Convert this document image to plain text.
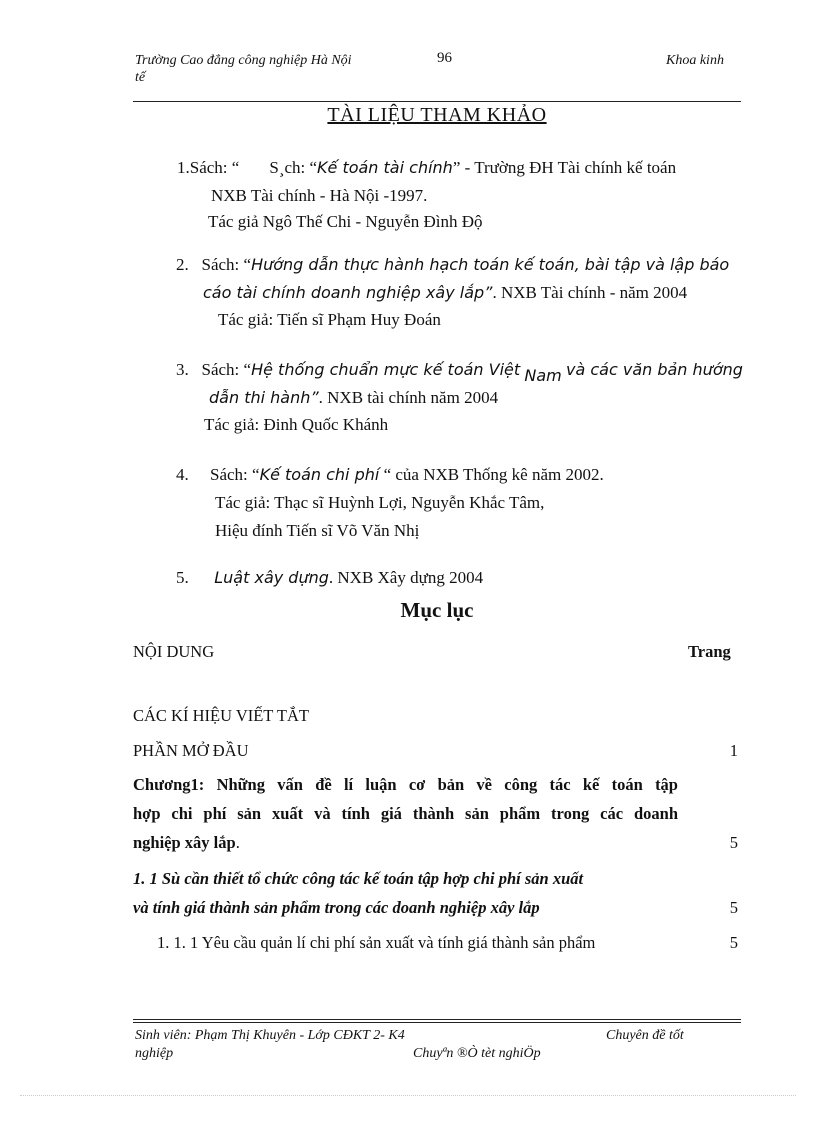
Trường Cao đẳng công nghiệp Hà Nội
tế
96	Khoa kinh
TÀI LIỆU THAM KHẢO
1.Sách: “ S¸ch: “Kế toán tài chính” - Trường ĐH Tài chính kế toán
NXB Tài chính - Hà Nội -1997.
Tác giả Ngô Thế Chi - Nguyễn Đình Độ
2. Sách: “Hướng dẫn thực hành hạch toán kế toán, bài tập và lập báo
cáo tài chính doanh nghiệp xây lắp”. NXB Tài chính - năm 2004
Tác giả: Tiến sĩ Phạm Huy Đoán
3. Sách: “Hệ thống chuẩn mực kế toán Việt Nam và các văn bản hướng
dẫn thi hành”. NXB tài chính năm 2004
Tác giả: Đinh Quốc Khánh
4. Sách: “Kế toán chi phí “ của NXB Thống kê năm 2002.
Tác giả: Thạc sĩ Huỳnh Lợi, Nguyễn Khắc Tâm,
Hiệu đính Tiến sĩ Võ Văn Nhị
5. Luật xây dựng. NXB Xây dựng 2004
Mục lục
NỘI DUNG	Trang
CÁC KÍ HIỆU VIẾT TẮT
PHẦN MỞ ĐẦU	1
Chương1: Những vấn đề lí luận cơ bản về công tác kế toán tập
hợp chi phí sản xuất và tính giá thành sản phẩm trong các doanh
nghiệp xây lắp.	5
1. 1 Sù cần thiết tổ chức công tác kế toán tập hợp chi phí sản xuất
và tính giá thành sản phẩm trong các doanh nghiệp xây lắp	5
1. 1. 1 Yêu cầu quản lí chi phí sản xuất và tính giá thành sản phẩm	5
Sinh viên: Phạm Thị Khuyên - Lớp CĐKT 2- K4	Chuyên đề tốt
nghiệp	Chuyªn ®Ò tèt nghiÖp
